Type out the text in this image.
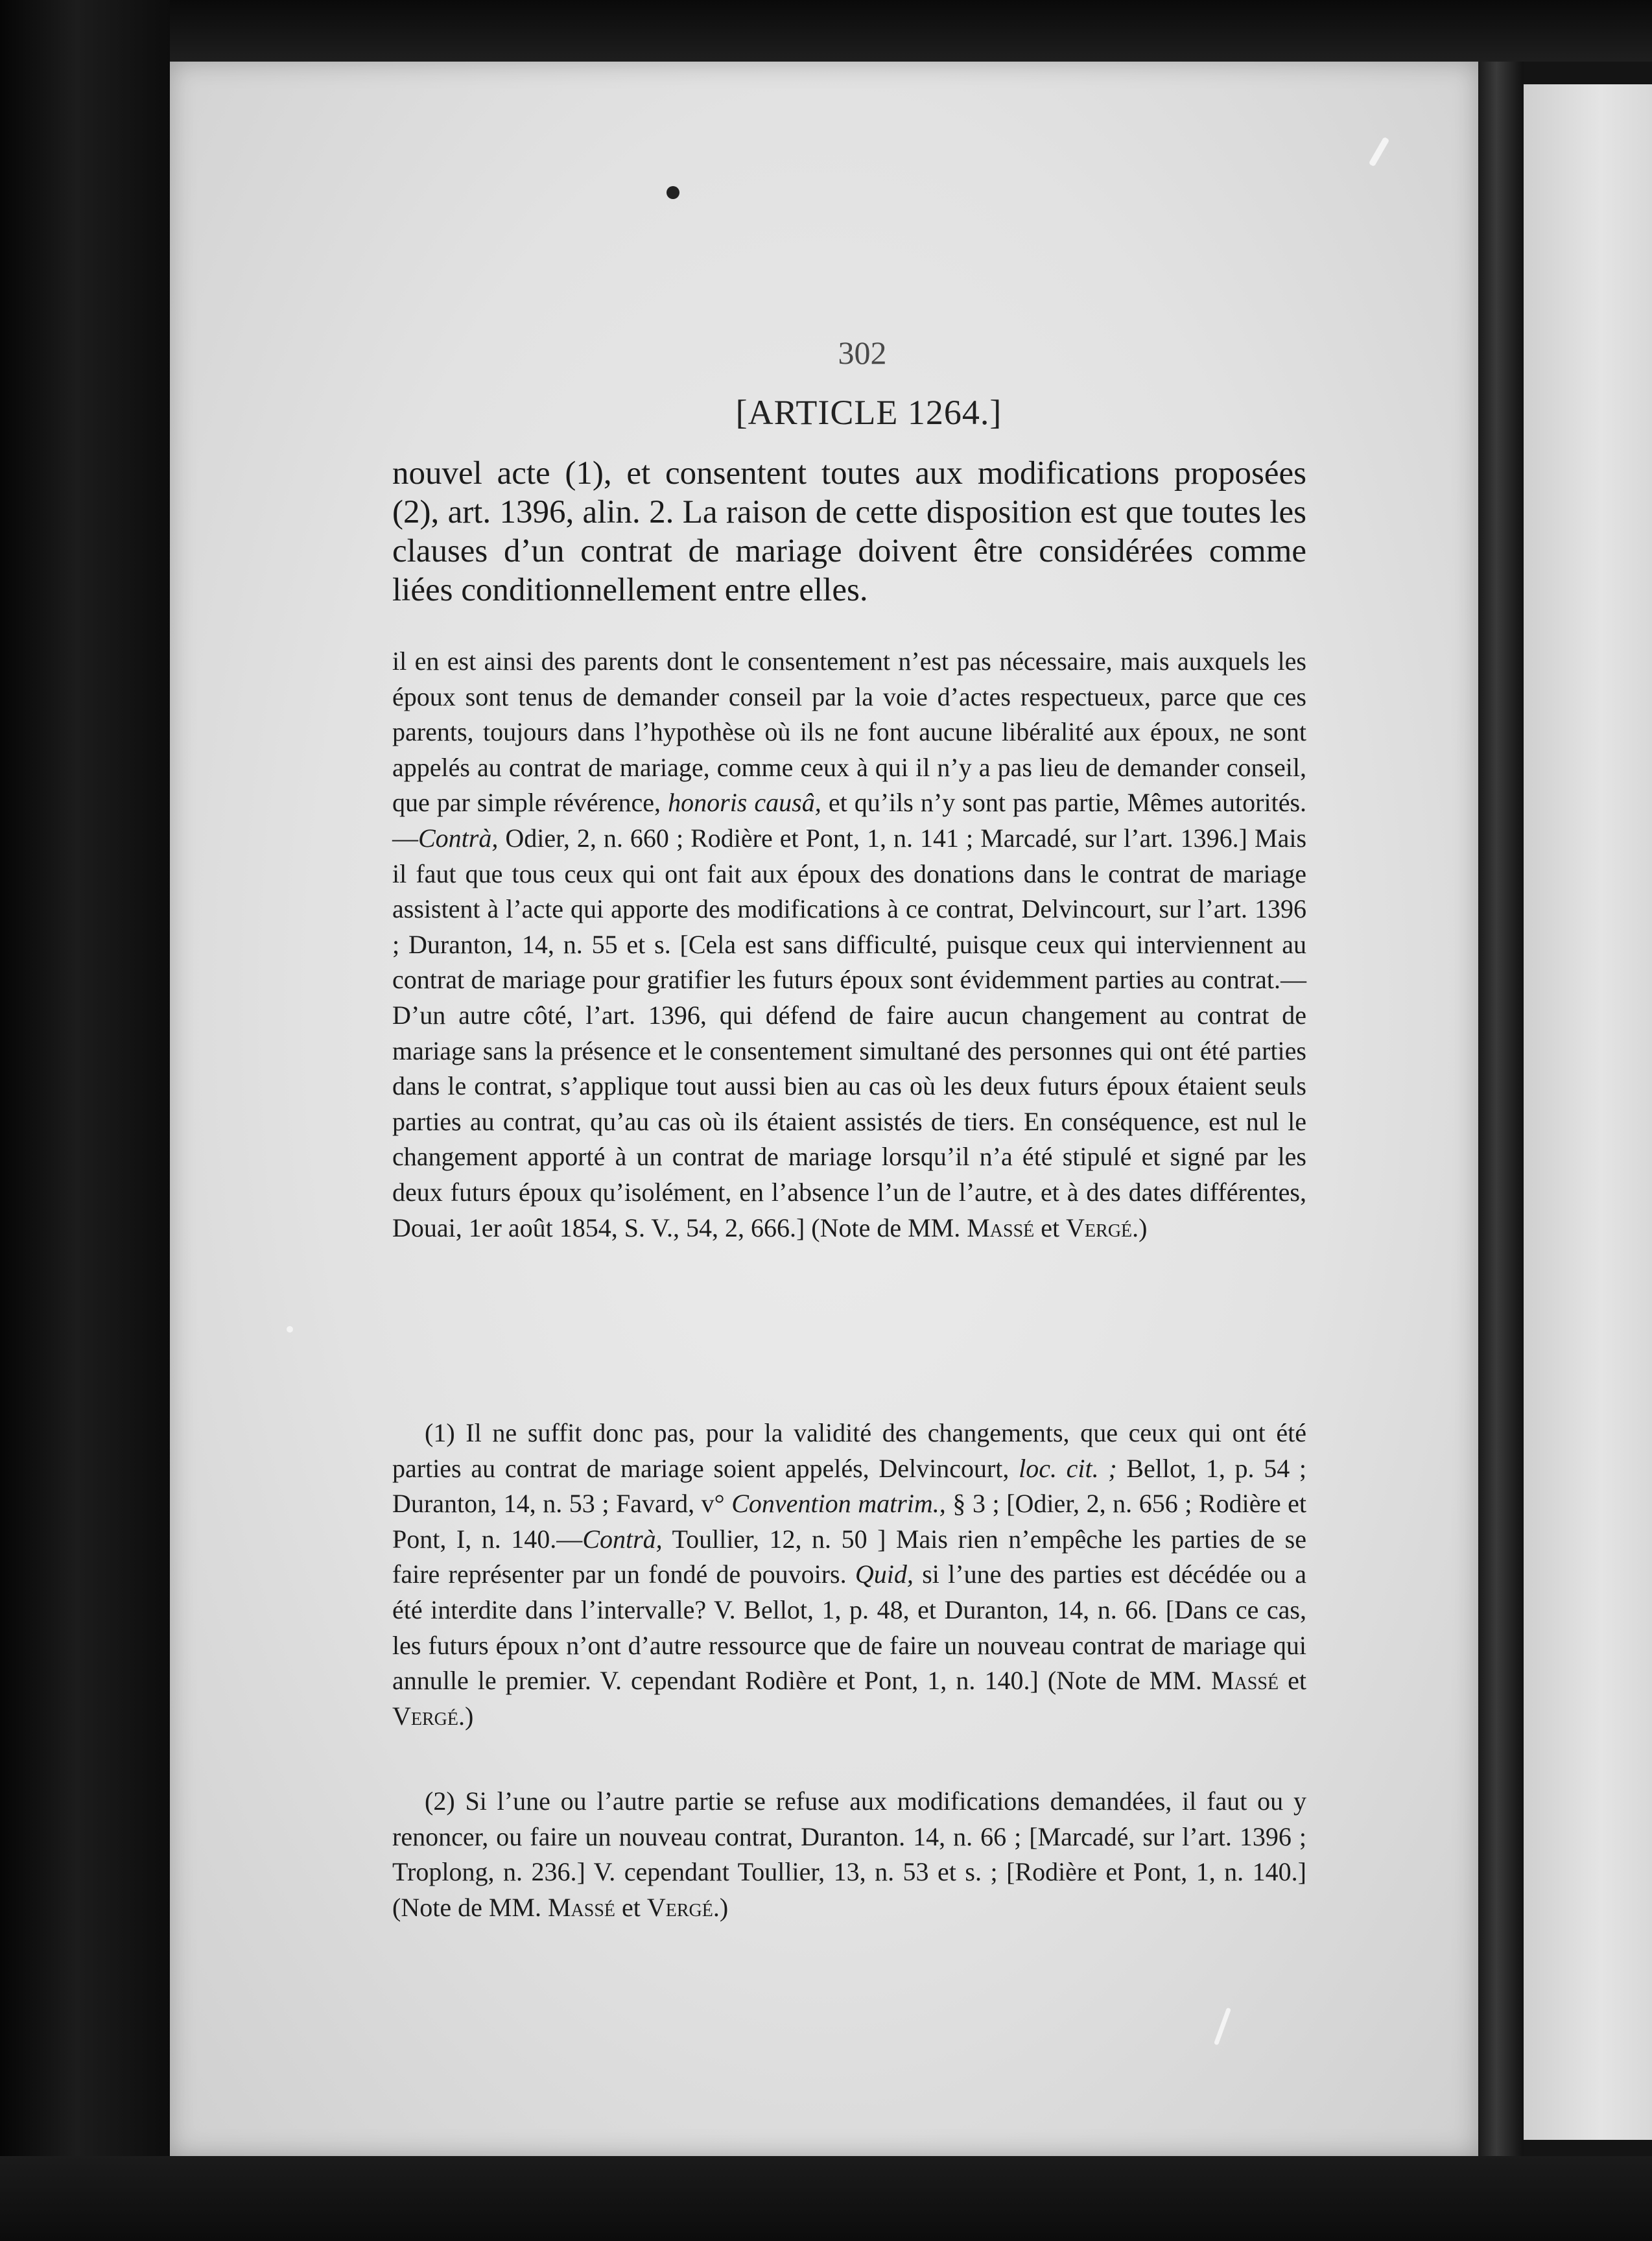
302
[ARTICLE 1264.]
nouvel acte (1), et consentent toutes aux modifications proposées (2), art. 1396, alin. 2. La raison de cette disposition est que toutes les clauses d’un contrat de mariage doivent être considérées comme liées conditionnellement entre elles.
il en est ainsi des parents dont le consentement n’est pas nécessaire, mais auxquels les époux sont tenus de demander conseil par la voie d’actes respectueux, parce que ces parents, toujours dans l’hypothèse où ils ne font aucune libéralité aux époux, ne sont appelés au contrat de mariage, comme ceux à qui il n’y a pas lieu de demander conseil, que par simple révérence, honoris causâ, et qu’ils n’y sont pas partie, Mêmes autorités.—Contrà, Odier, 2, n. 660 ; Rodière et Pont, 1, n. 141 ; Marcadé, sur l’art. 1396.] Mais il faut que tous ceux qui ont fait aux époux des donations dans le contrat de mariage assistent à l’acte qui apporte des modifications à ce contrat, Delvincourt, sur l’art. 1396 ; Duranton, 14, n. 55 et s. [Cela est sans difficulté, puisque ceux qui interviennent au contrat de mariage pour gratifier les futurs époux sont évidemment parties au contrat.—D’un autre côté, l’art. 1396, qui défend de faire aucun changement au contrat de mariage sans la présence et le consentement simultané des personnes qui ont été parties dans le contrat, s’applique tout aussi bien au cas où les deux futurs époux étaient seuls parties au contrat, qu’au cas où ils étaient assistés de tiers. En conséquence, est nul le changement apporté à un contrat de mariage lorsqu’il n’a été stipulé et signé par les deux futurs époux qu’isolément, en l’absence l’un de l’autre, et à des dates différentes, Douai, 1er août 1854, S. V., 54, 2, 666.] (Note de MM. Massé et Vergé.)
(1) Il ne suffit donc pas, pour la validité des changements, que ceux qui ont été parties au contrat de mariage soient appelés, Delvincourt, loc. cit. ; Bellot, 1, p. 54 ; Duranton, 14, n. 53 ; Favard, v° Convention matrim., § 3 ; [Odier, 2, n. 656 ; Rodière et Pont, I, n. 140.—Contrà, Toullier, 12, n. 50 ] Mais rien n’empêche les parties de se faire représenter par un fondé de pouvoirs. Quid, si l’une des parties est décédée ou a été interdite dans l’intervalle? V. Bellot, 1, p. 48, et Duranton, 14, n. 66. [Dans ce cas, les futurs époux n’ont d’autre ressource que de faire un nouveau contrat de mariage qui annulle le premier. V. cependant Rodière et Pont, 1, n. 140.] (Note de MM. Massé et Vergé.)
(2) Si l’une ou l’autre partie se refuse aux modifications demandées, il faut ou y renoncer, ou faire un nouveau contrat, Duranton. 14, n. 66 ; [Marcadé, sur l’art. 1396 ; Troplong, n. 236.] V. cependant Toullier, 13, n. 53 et s. ; [Rodière et Pont, 1, n. 140.] (Note de MM. Massé et Vergé.)
